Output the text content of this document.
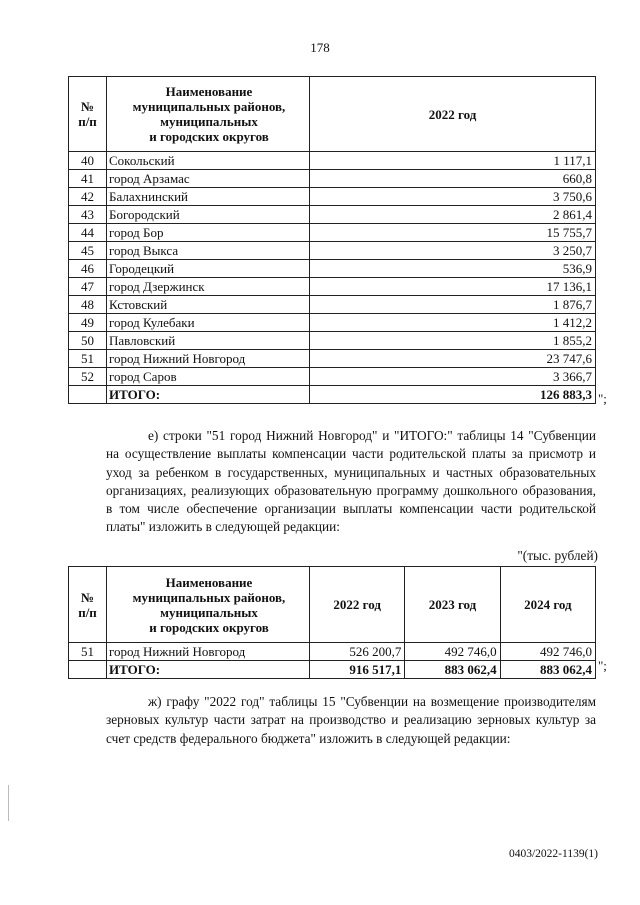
178
№
п/п	Наименование
муниципальных районов,
муниципальных
и городских округов	2022 год
40	Сокольский	1 117,1
41	город Арзамас	660,8
42	Балахнинский	3 750,6
43	Богородский	2 861,4
44	город Бор	15 755,7
45	город Выкса	3 250,7
46	Городецкий	536,9
47	город Дзержинск	17 136,1
48	Кстовский	1 876,7
49	город Кулебаки	1 412,2
50	Павловский	1 855,2
51	город Нижний Новгород	23 747,6
52	город Саров	3 366,7
	ИТОГО:	126 883,3 ";
е) строки "51 город Нижний Новгород" и "ИТОГО:" таблицы 14 "Субвенции на осуществление выплаты компенсации части родительской платы за присмотр и уход за ребенком в государственных, муниципальных и частных образовательных организациях, реализующих образовательную программу дошкольного образования, в том числе обеспечение организации выплаты компенсации части родительской платы" изложить в следующей редакции:
"(тыс. рублей)
№
п/п	Наименование
муниципальных районов,
муниципальных
и городских округов	2022 год	2023 год	2024 год
51	город Нижний Новгород	526 200,7	492 746,0	492 746,0
	ИТОГО:	916 517,1	883 062,4	883 062,4 ";
ж) графу "2022 год" таблицы 15 "Субвенции на возмещение производителям зерновых культур части затрат на производство и реализацию зерновых культур за счет средств федерального бюджета" изложить в следующей редакции:
0403/2022-1139(1)
